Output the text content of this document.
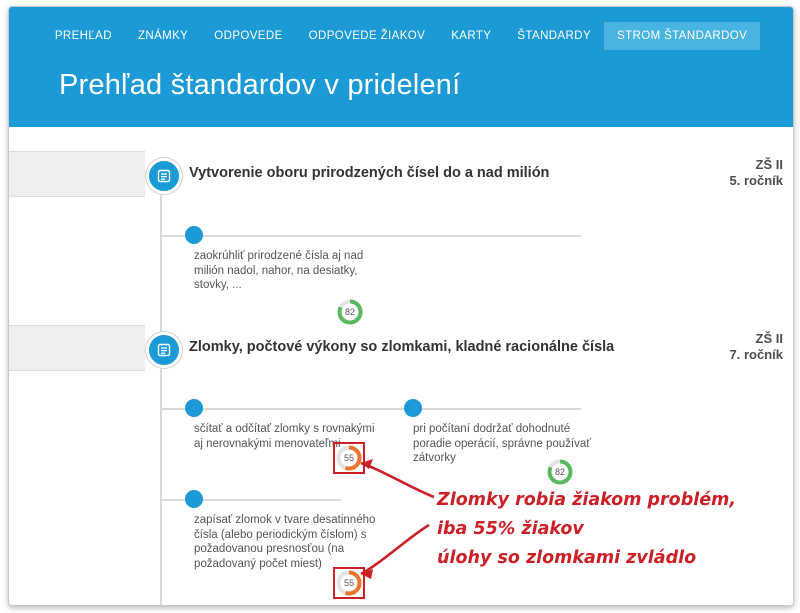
PREHĽAD	ZNÁMKY	ODPOVEDE	ODPOVEDE ŽIAKOV	KARTY	ŠTANDARDY	STROM ŠTANDARDOV
Prehľad štandardov v pridelení
ZŠ II
5. ročník
Vytvorenie oboru prirodzených čísel do a nad milión
zaokrúhliť prirodzené čísla aj nad milión nadol, nahor, na desiatky, stovky, ...
82
ZŠ II
7. ročník
Zlomky, počtové výkony so zlomkami, kladné racionálne čísla
sčítať a odčítať zlomky s rovnakými aj nerovnakými menovateľmi
pri počítaní dodržať dohodnuté poradie operácií, správne používať zátvorky
55
82
zapísať zlomok v tvare desatinného čísla (alebo periodickým číslom) s požadovanou presnosťou (na požadovaný počet miest)
55
Zlomky robia žiakom problém,
iba 55% žiakov
úlohy so zlomkami zvládlo
